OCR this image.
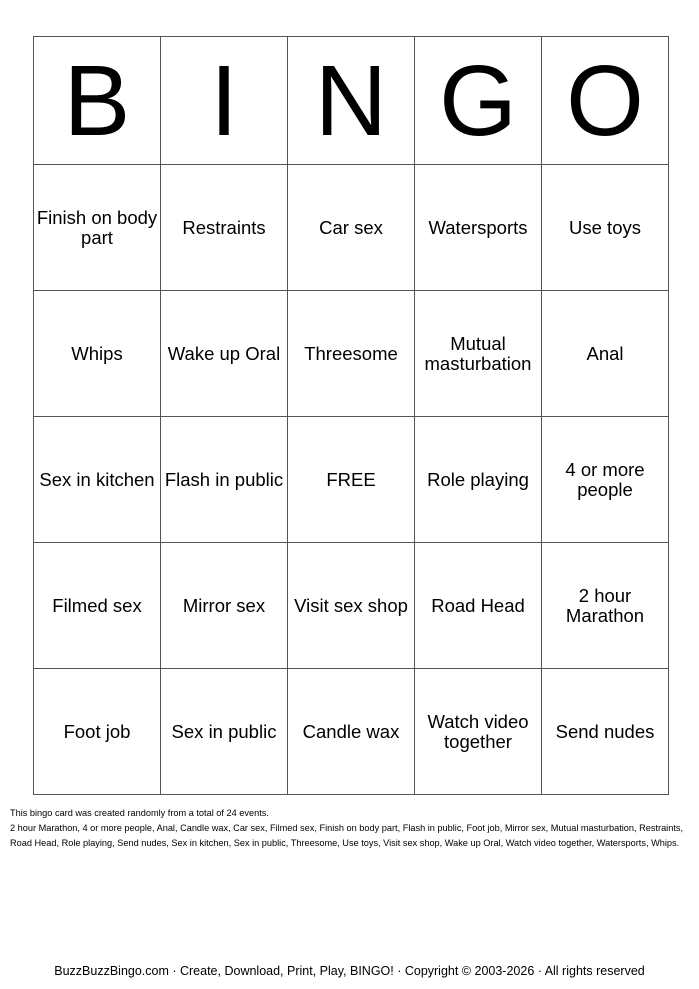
B	I	N	G	O

Finish on body part	Restraints	Car sex	Watersports	Use toys

Whips	Wake up Oral	Threesome	Mutual masturbation	Anal

Sex in kitchen	Flash in public	FREE	Role playing	4 or more people

Filmed sex	Mirror sex	Visit sex shop	Road Head	2 hour Marathon

Foot job	Sex in public	Candle wax	Watch video together	Send nudes

This bingo card was created randomly from a total of 24 events.

2 hour Marathon, 4 or more people, Anal, Candle wax, Car sex, Filmed sex, Finish on body part, Flash in public, Foot job, Mirror sex, Mutual masturbation, Restraints, Road Head, Role playing, Send nudes, Sex in kitchen, Sex in public, Threesome, Use toys, Visit sex shop, Wake up Oral, Watch video together, Watersports, Whips.

BuzzBuzzBingo.com · Create, Download, Print, Play, BINGO! · Copyright © 2003-2026 · All rights reserved
